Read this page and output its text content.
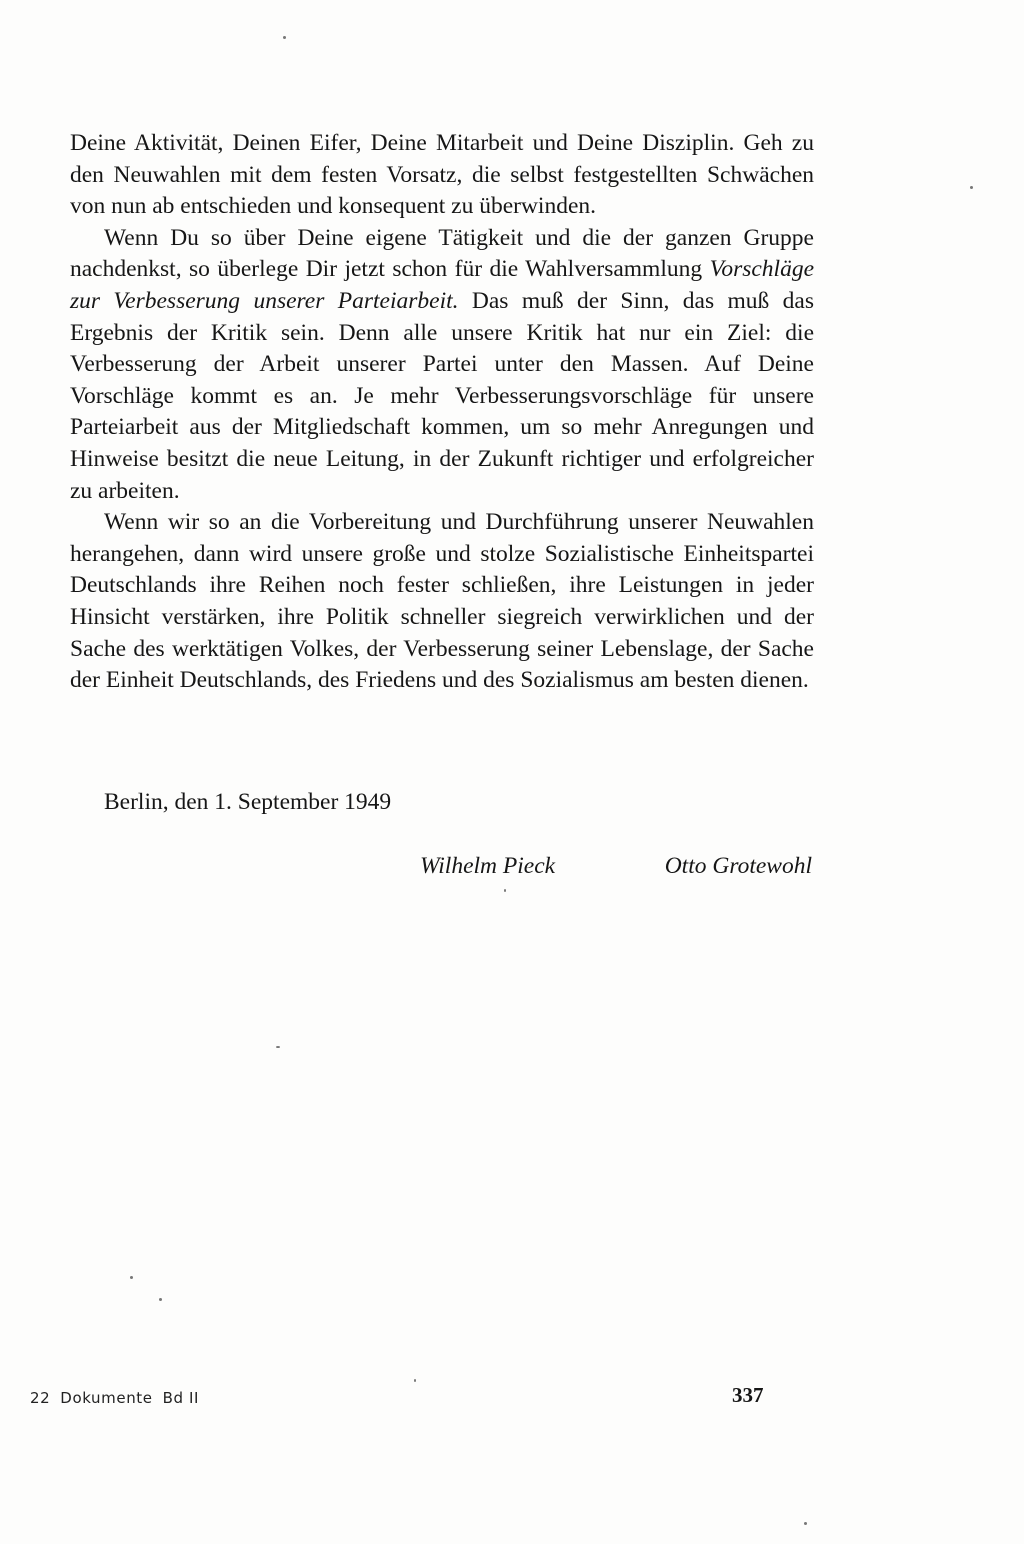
Deine Aktivität, Deinen Eifer, Deine Mitarbeit und Deine Disziplin. Geh zu den Neuwahlen mit dem festen Vorsatz, die selbst festgestellten Schwächen von nun ab entschieden und konsequent zu überwinden.

Wenn Du so über Deine eigene Tätigkeit und die der ganzen Gruppe nachdenkst, so überlege Dir jetzt schon für die Wahlversammlung Vorschläge zur Verbesserung unserer Parteiarbeit. Das muß der Sinn, das muß das Ergebnis der Kritik sein. Denn alle unsere Kritik hat nur ein Ziel: die Verbesserung der Arbeit unserer Partei unter den Massen. Auf Deine Vorschläge kommt es an. Je mehr Verbesserungsvorschläge für unsere Parteiarbeit aus der Mitgliedschaft kommen, um so mehr Anregungen und Hinweise besitzt die neue Leitung, in der Zukunft richtiger und erfolgreicher zu arbeiten.

Wenn wir so an die Vorbereitung und Durchführung unserer Neuwahlen herangehen, dann wird unsere große und stolze Sozialistische Einheitspartei Deutschlands ihre Reihen noch fester schließen, ihre Leistungen in jeder Hinsicht verstärken, ihre Politik schneller siegreich verwirklichen und der Sache des werktätigen Volkes, der Verbesserung seiner Lebenslage, der Sache der Einheit Deutschlands, des Friedens und des Sozialismus am besten dienen.

Berlin, den 1. September 1949
Wilhelm Pieck	Otto Grotewohl
22 Dokumente Bd II	337
